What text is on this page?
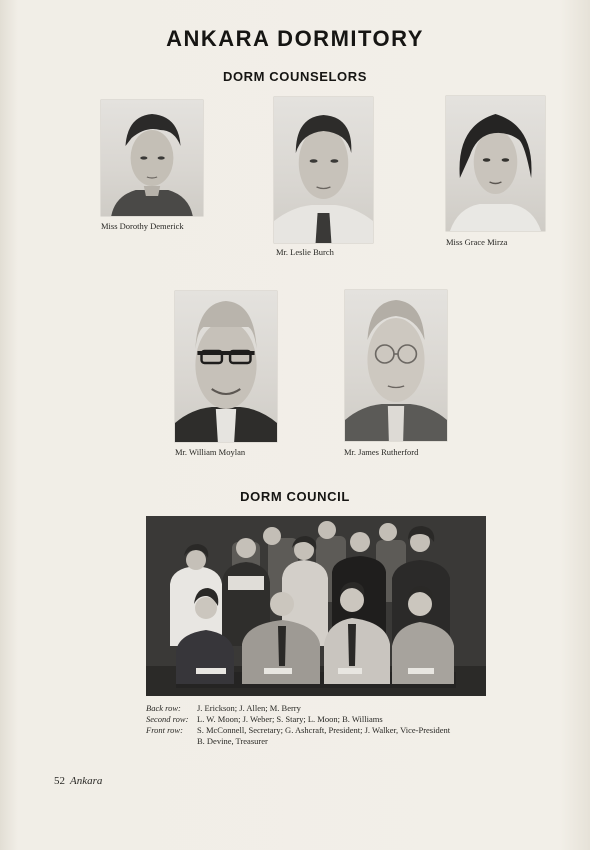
ANKARA DORMITORY
DORM COUNSELORS
Miss Dorothy Demerick
Mr. Leslie Burch
Miss Grace Mirza
Mr. William Moylan	Mr. James Rutherford
DORM COUNCIL
Back row:	J. Erickson; J. Allen; M. Berry
Second row:	L. W. Moon; J. Weber; S. Stary; L. Moon; B. Williams
Front row:	S. McConnell, Secretary; G. Ashcraft, President; J. Walker, Vice-President
B. Devine, Treasurer
52 Ankara
